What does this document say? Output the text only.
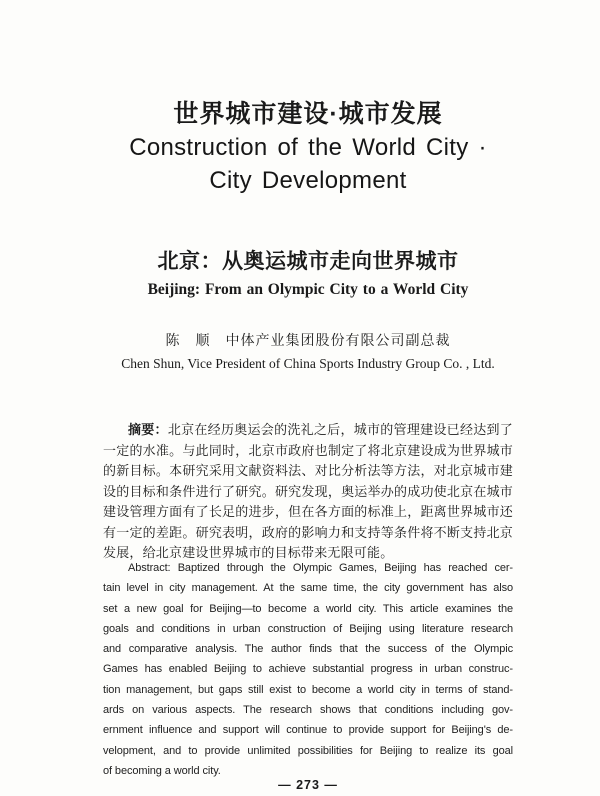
世界城市建设·城市发展
Construction of the World City ·
City Development
北京：从奥运城市走向世界城市
Beijing: From an Olympic City to a World City
陈　顺　中体产业集团股份有限公司副总裁
Chen Shun, Vice President of China Sports Industry Group Co. , Ltd.
摘要：北京在经历奥运会的洗礼之后，城市的管理建设已经达到了
一定的水准。与此同时，北京市政府也制定了将北京建设成为世界城市
的新目标。本研究采用文献资料法、对比分析法等方法，对北京城市建
设的目标和条件进行了研究。研究发现，奥运举办的成功使北京在城市
建设管理方面有了长足的进步，但在各方面的标准上，距离世界城市还
有一定的差距。研究表明，政府的影响力和支持等条件将不断支持北京
发展，给北京建设世界城市的目标带来无限可能。
Abstract: Baptized through the Olympic Games, Beijing has reached cer-
tain level in city management. At the same time, the city government has also
set a new goal for Beijing—to become a world city. This article examines the
goals and conditions in urban construction of Beijing using literature research
and comparative analysis. The author finds that the success of the Olympic
Games has enabled Beijing to achieve substantial progress in urban construc-
tion management, but gaps still exist to become a world city in terms of stand-
ards on various aspects. The research shows that conditions including gov-
ernment influence and support will continue to provide support for Beijing's de-
velopment, and to provide unlimited possibilities for Beijing to realize its goal
of becoming a world city.
— 273 —
